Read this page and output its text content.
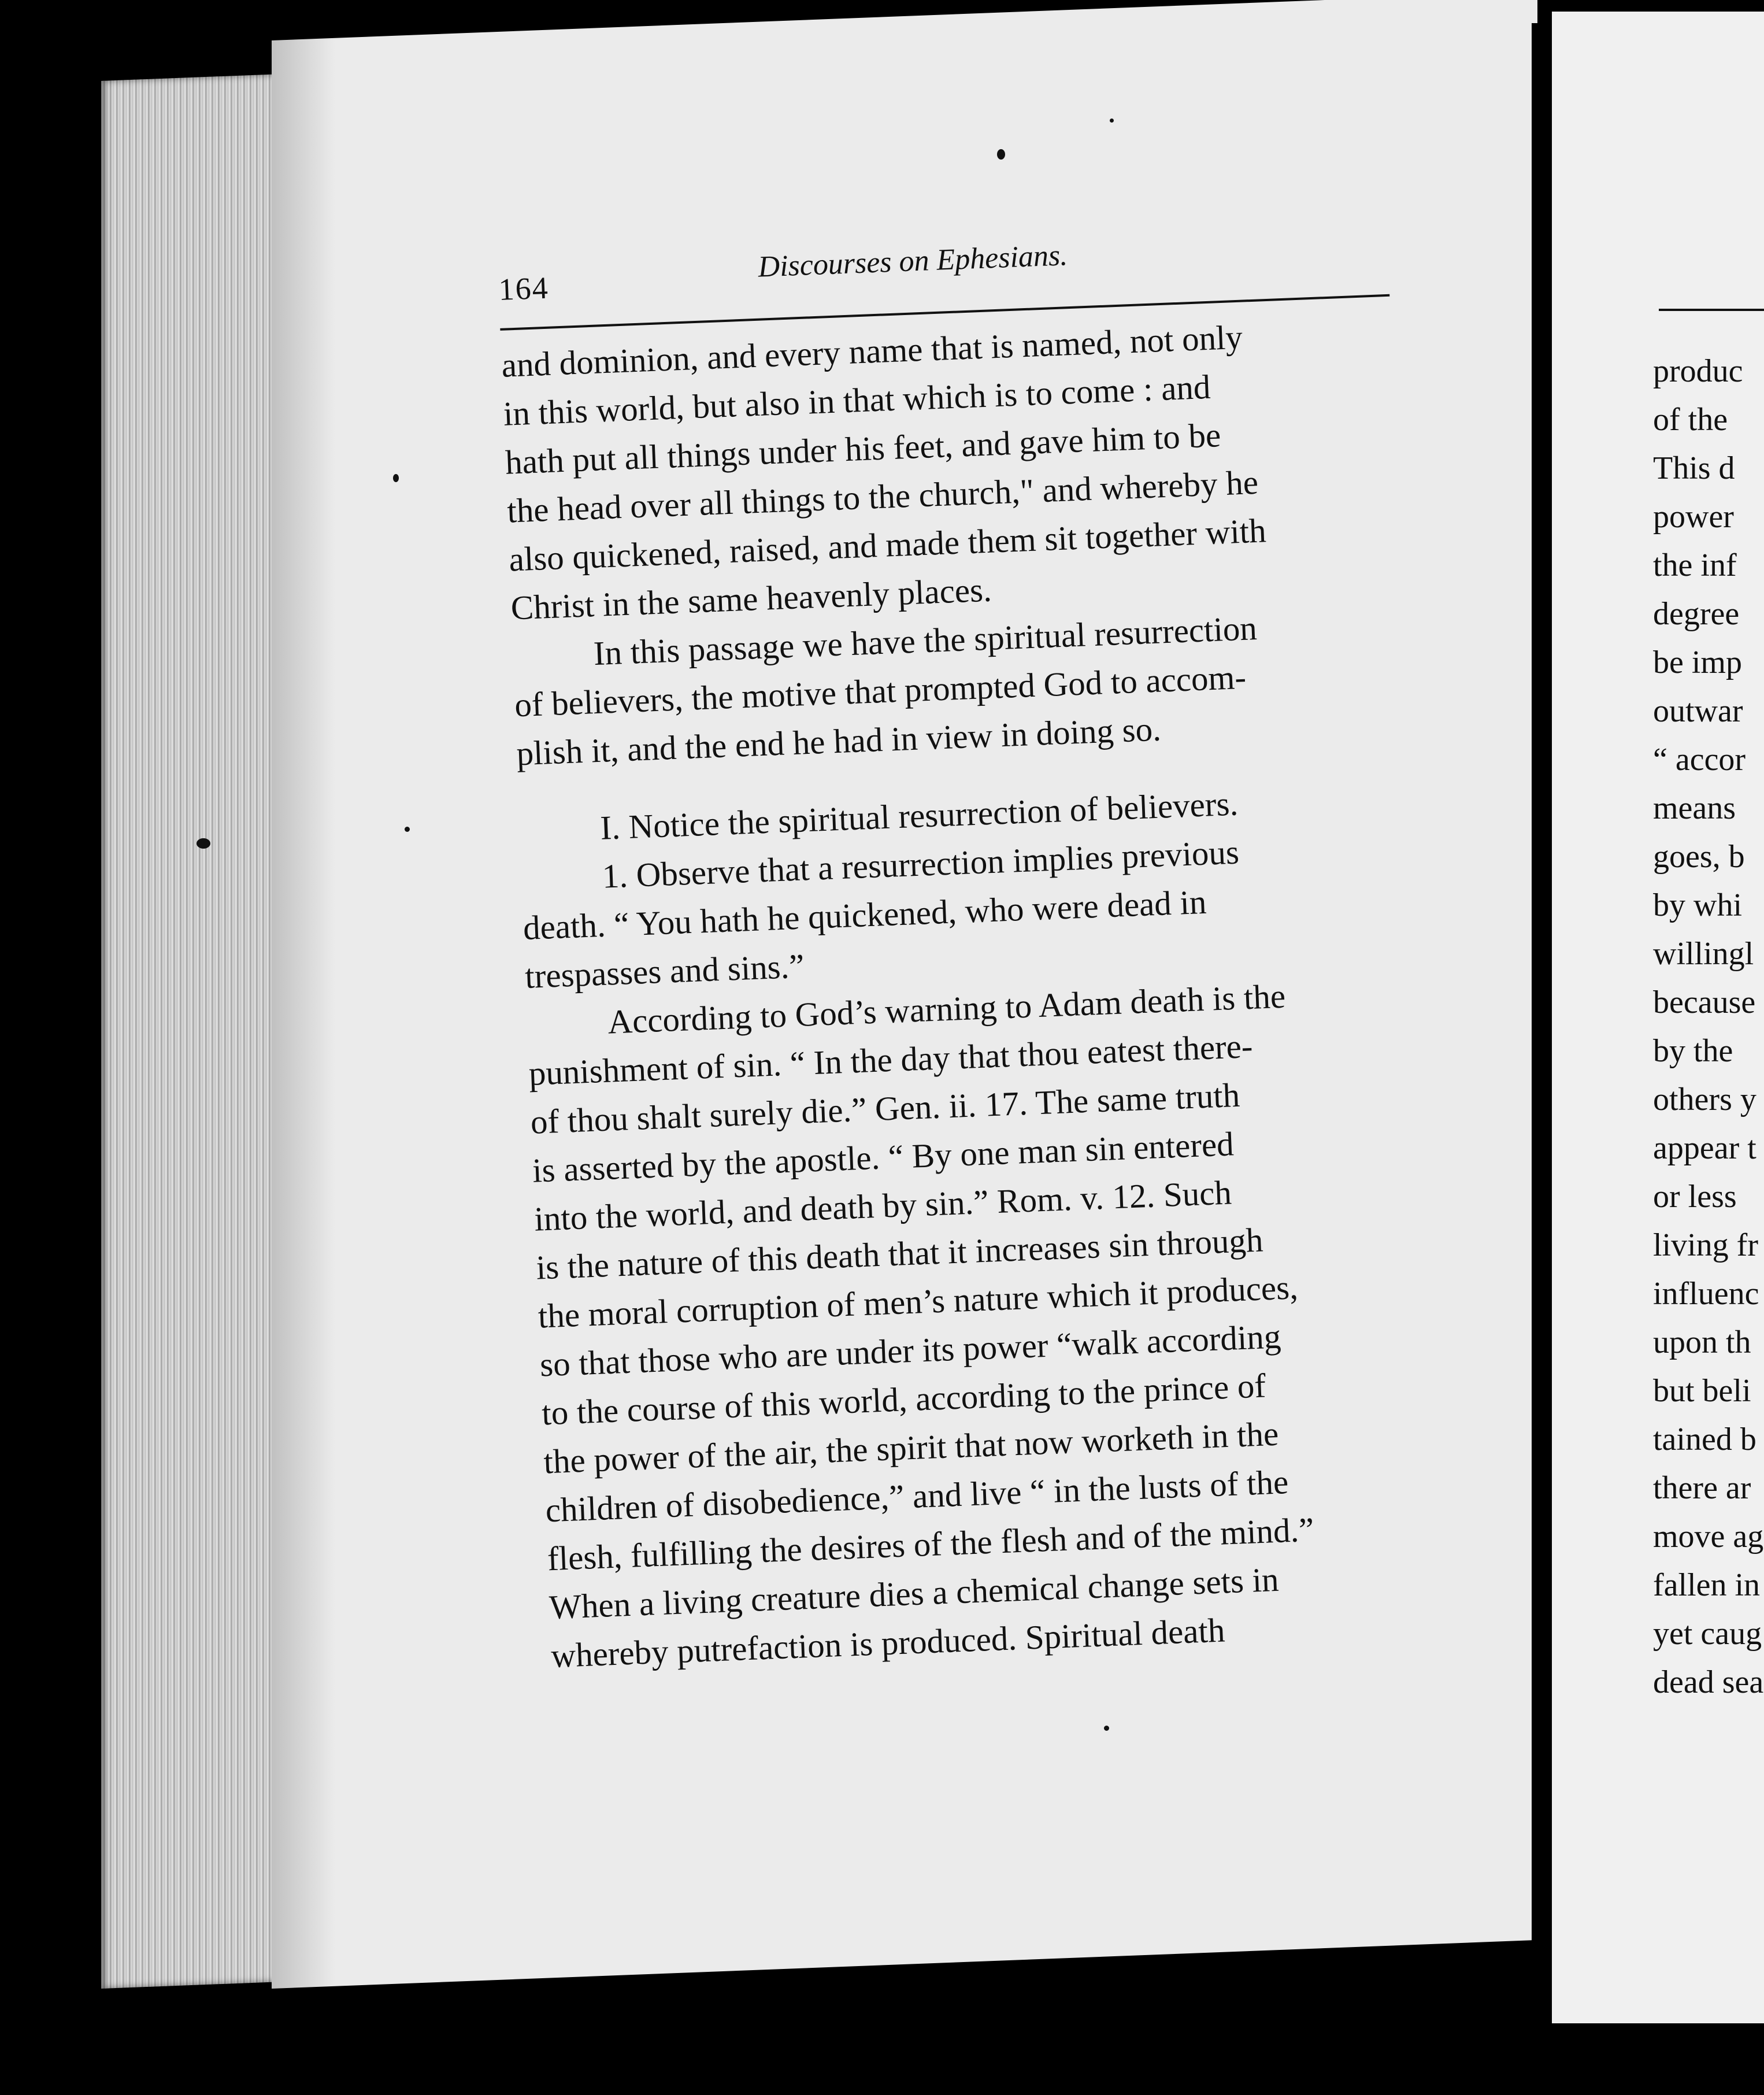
164
Discourses on Ephesians.

and dominion, and every name that is named, not only
in this world, but also in that which is to come : and
hath put all things under his feet, and gave him to be
the head over all things to the church," and whereby he
also quickened, raised, and made them sit together with
Christ in the same heavenly places.

In this passage we have the spiritual resurrection
of believers, the motive that prompted God to accom-
plish it, and the end he had in view in doing so.

I. Notice the spiritual resurrection of believers.

1. Observe that a resurrection implies previous
death. “ You hath he quickened, who were dead in
trespasses and sins.”

According to God’s warning to Adam death is the
punishment of sin. “ In the day that thou eatest there-
of thou shalt surely die.” Gen. ii. 17. The same truth
is asserted by the apostle. “ By one man sin entered
into the world, and death by sin.” Rom. v. 12. Such
is the nature of this death that it increases sin through
the moral corruption of men’s nature which it produces,
so that those who are under its power “walk according
to the course of this world, according to the prince of
the power of the air, the spirit that now worketh in the
children of disobedience,” and live “ in the lusts of the
flesh, fulfilling the desires of the flesh and of the mind.”
When a living creature dies a chemical change sets in
whereby putrefaction is produced. Spiritual death

produc
of the
This d
power
the inf
degree
be imp
outwar
“ accor
means
goes, b
by whi
willingl
because
by the
others y
appear t
or less
living fr
influenc
upon th
but beli
tained b
there ar
move ag
fallen in
yet caug
dead sea
